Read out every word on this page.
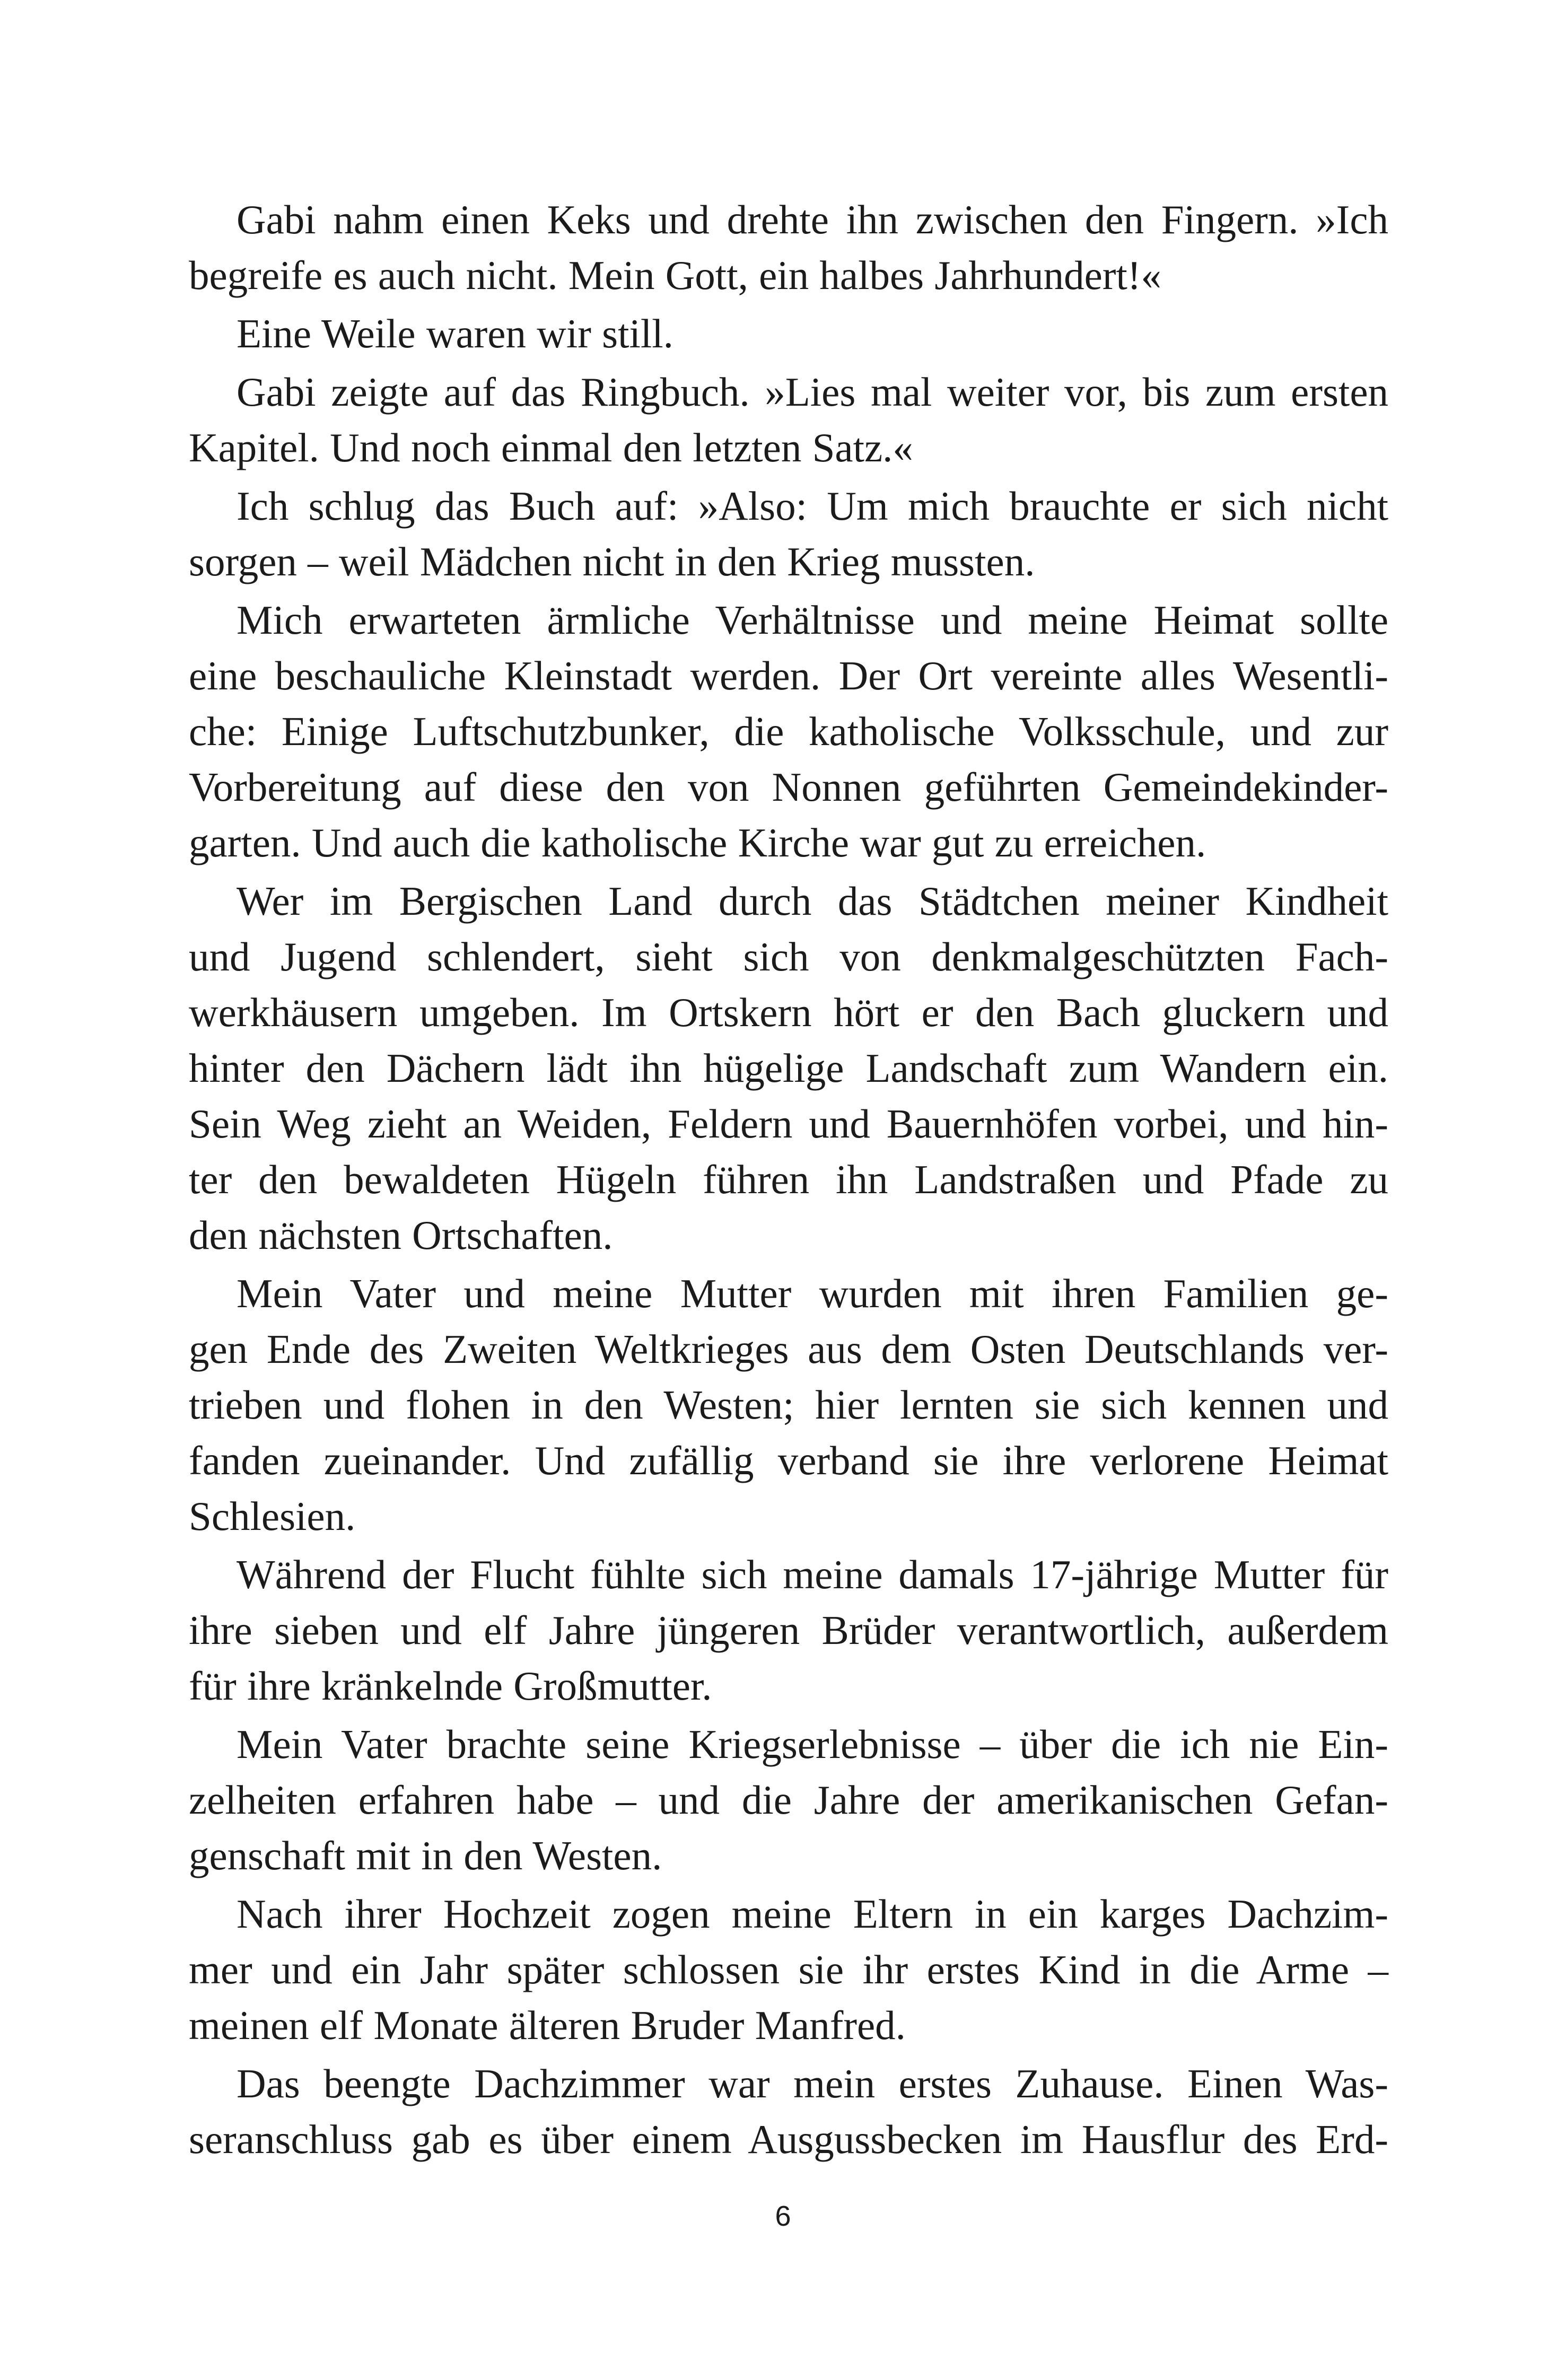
Gabi nahm einen Keks und drehte ihn zwischen den Fingern. »Ich
begreife es auch nicht. Mein Gott, ein halbes Jahrhundert!«
Eine Weile waren wir still.
Gabi zeigte auf das Ringbuch. »Lies mal weiter vor, bis zum ersten
Kapitel. Und noch einmal den letzten Satz.«
Ich schlug das Buch auf: »Also: Um mich brauchte er sich nicht
sorgen – weil Mädchen nicht in den Krieg mussten.
Mich erwarteten ärmliche Verhältnisse und meine Heimat sollte
eine beschauliche Kleinstadt werden. Der Ort vereinte alles Wesentli-
che: Einige Luftschutzbunker, die katholische Volksschule, und zur
Vorbereitung auf diese den von Nonnen geführten Gemeindekinder-
garten. Und auch die katholische Kirche war gut zu erreichen.
Wer im Bergischen Land durch das Städtchen meiner Kindheit
und Jugend schlendert, sieht sich von denkmalgeschützten Fach-
werkhäusern umgeben. Im Ortskern hört er den Bach gluckern und
hinter den Dächern lädt ihn hügelige Landschaft zum Wandern ein.
Sein Weg zieht an Weiden, Feldern und Bauernhöfen vorbei, und hin-
ter den bewaldeten Hügeln führen ihn Landstraßen und Pfade zu
den nächsten Ortschaften.
Mein Vater und meine Mutter wurden mit ihren Familien ge-
gen Ende des Zweiten Weltkrieges aus dem Osten Deutschlands ver-
trieben und flohen in den Westen; hier lernten sie sich kennen und
fanden zueinander. Und zufällig verband sie ihre verlorene Heimat
Schlesien.
Während der Flucht fühlte sich meine damals 17-jährige Mutter für
ihre sieben und elf Jahre jüngeren Brüder verantwortlich, außerdem
für ihre kränkelnde Großmutter.
Mein Vater brachte seine Kriegserlebnisse – über die ich nie Ein-
zelheiten erfahren habe – und die Jahre der amerikanischen Gefan-
genschaft mit in den Westen.
Nach ihrer Hochzeit zogen meine Eltern in ein karges Dachzim-
mer und ein Jahr später schlossen sie ihr erstes Kind in die Arme –
meinen elf Monate älteren Bruder Manfred.
Das beengte Dachzimmer war mein erstes Zuhause. Einen Was-
seranschluss gab es über einem Ausgussbecken im Hausflur des Erd-
6
